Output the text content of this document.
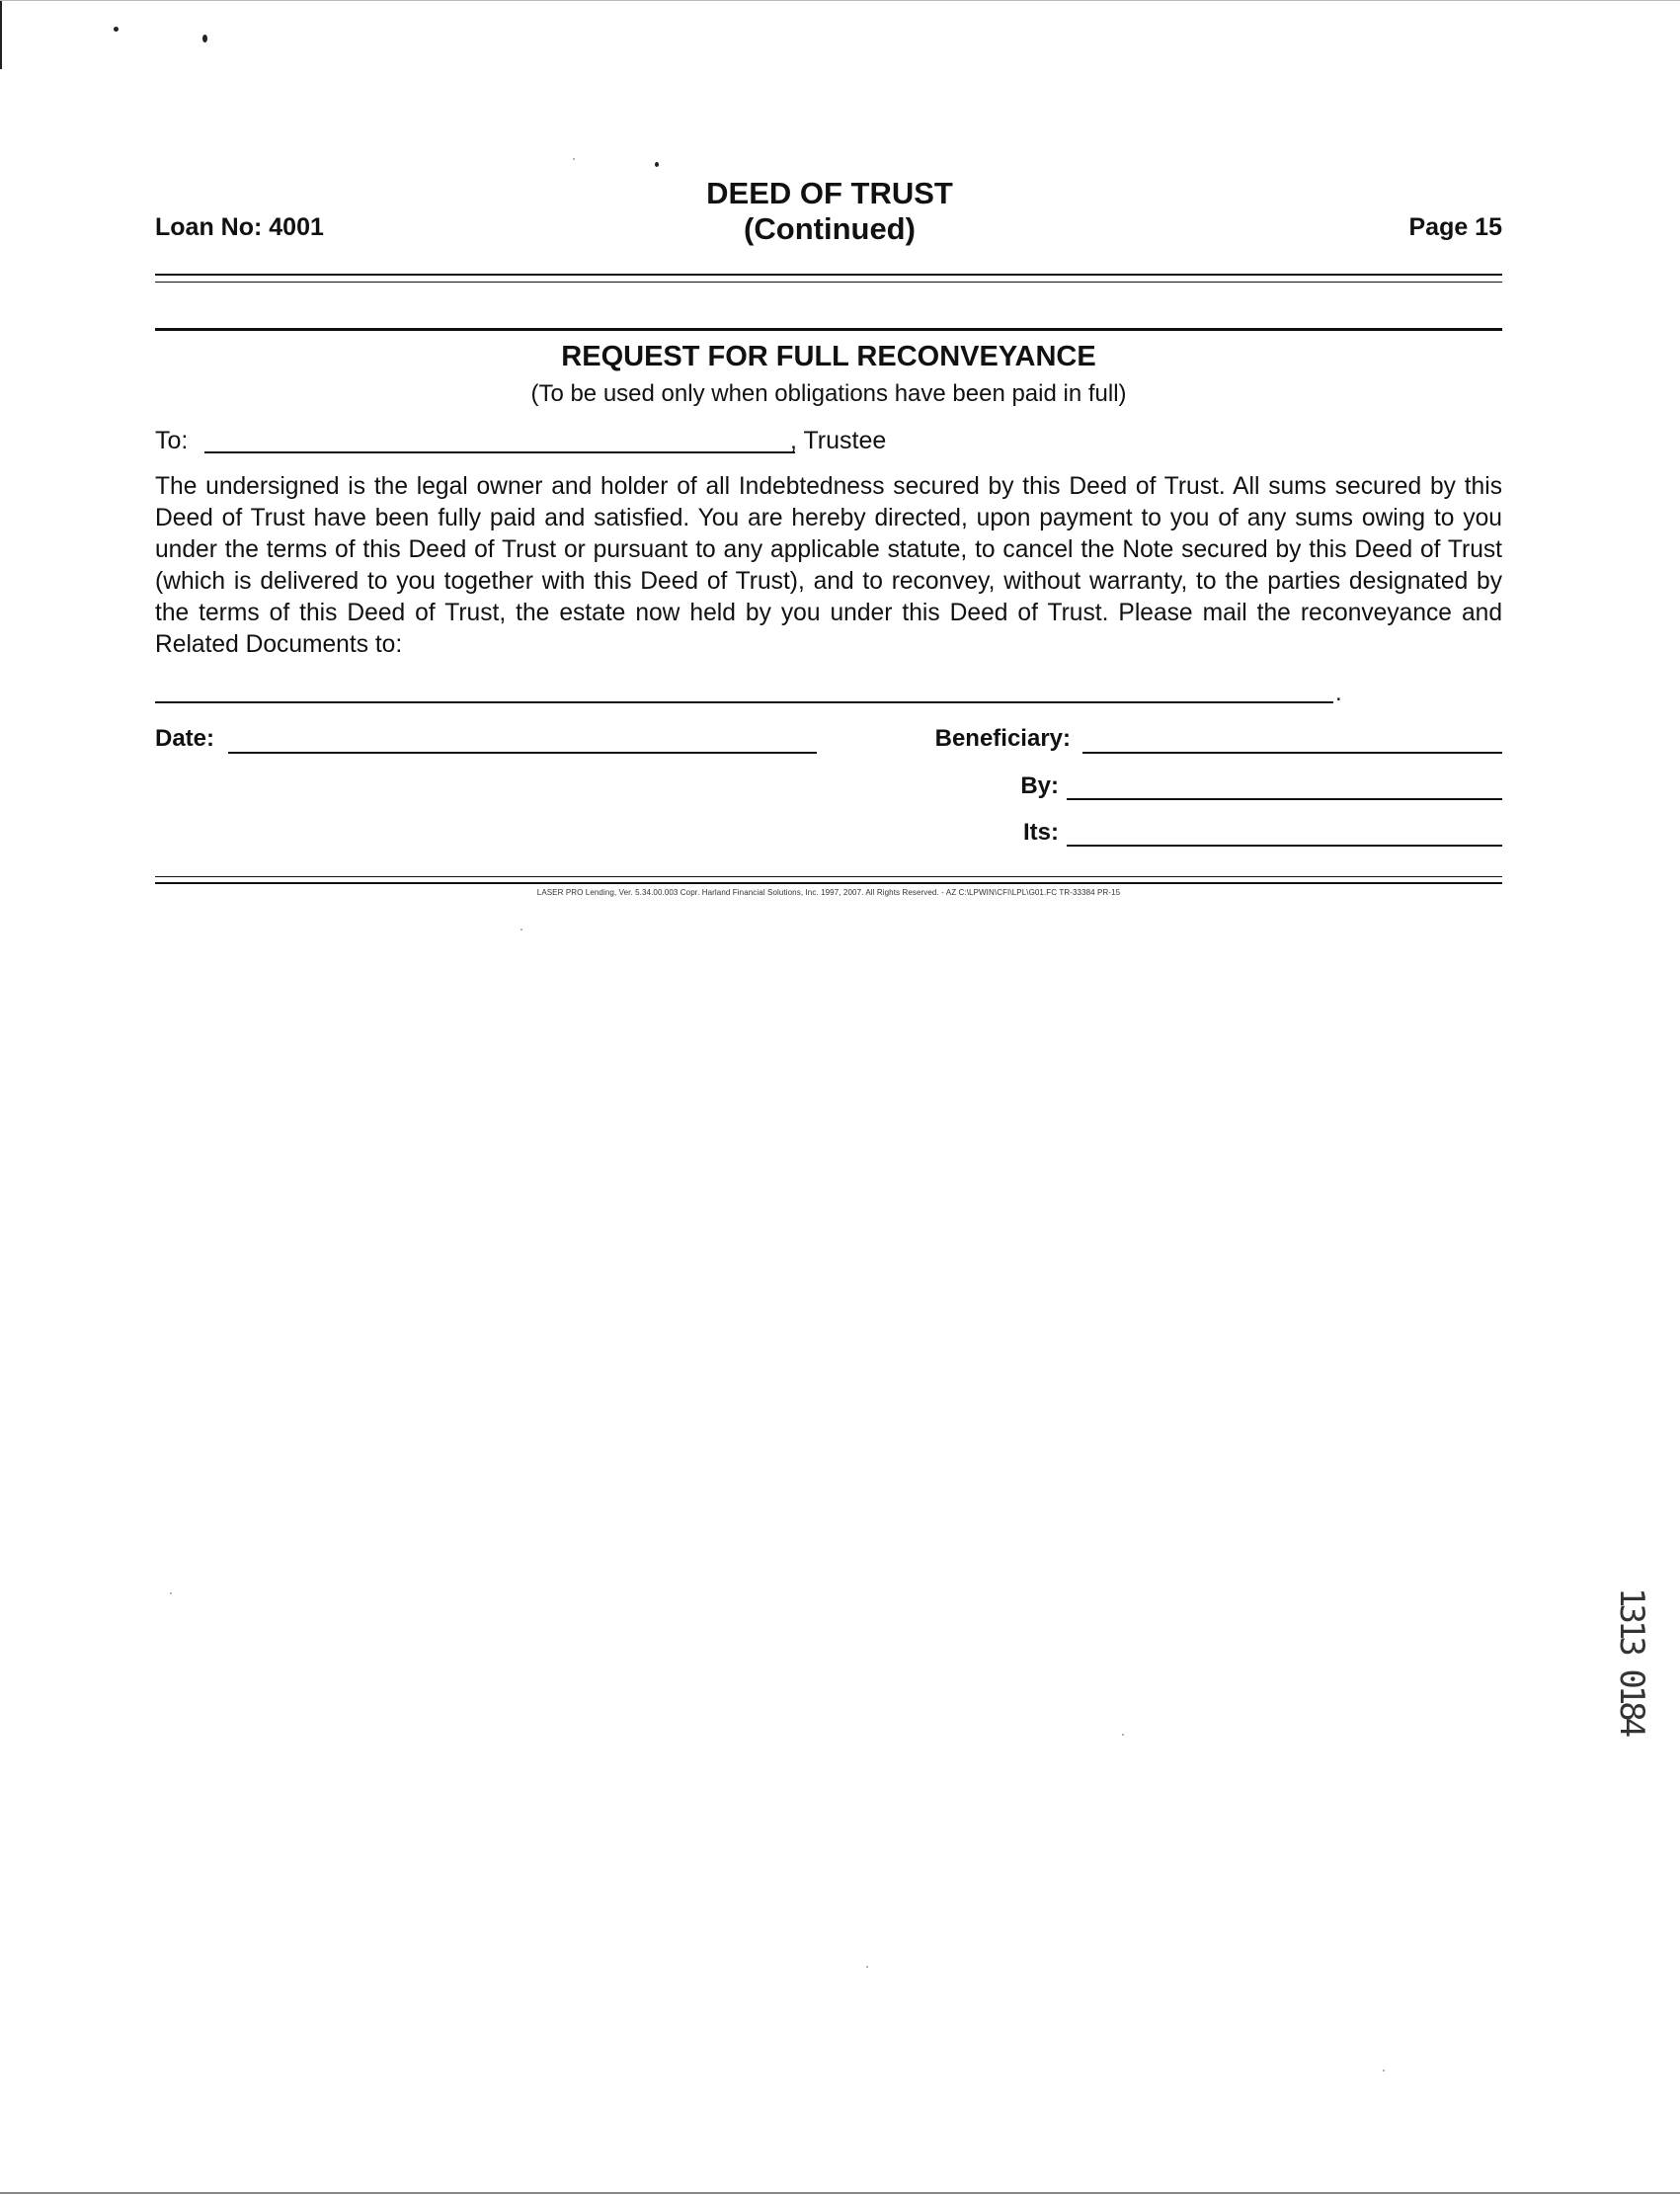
Loan No: 4001
DEED OF TRUST
(Continued)	Page 15
REQUEST FOR FULL RECONVEYANCE
(To be used only when obligations have been paid in full)
To:	, Trustee
The undersigned is the legal owner and holder of all Indebtedness secured by this Deed of Trust. All sums secured by this Deed of Trust have been fully paid and satisfied. You are hereby directed, upon payment to you of any sums owing to you under the terms of this Deed of Trust or pursuant to any applicable statute, to cancel the Note secured by this Deed of Trust (which is delivered to you together with this Deed of Trust), and to reconvey, without warranty, to the parties designated by the terms of this Deed of Trust, the estate now held by you under this Deed of Trust. Please mail the reconveyance and Related Documents to:
.
Date:	Beneficiary:
By:
Its:
LASER PRO Lending, Ver. 5.34.00.003 Copr. Harland Financial Solutions, Inc. 1997, 2007. All Rights Reserved. - AZ C:\LPWIN\CFI\LPL\G01.FC TR-33384 PR-15
1313 0184
